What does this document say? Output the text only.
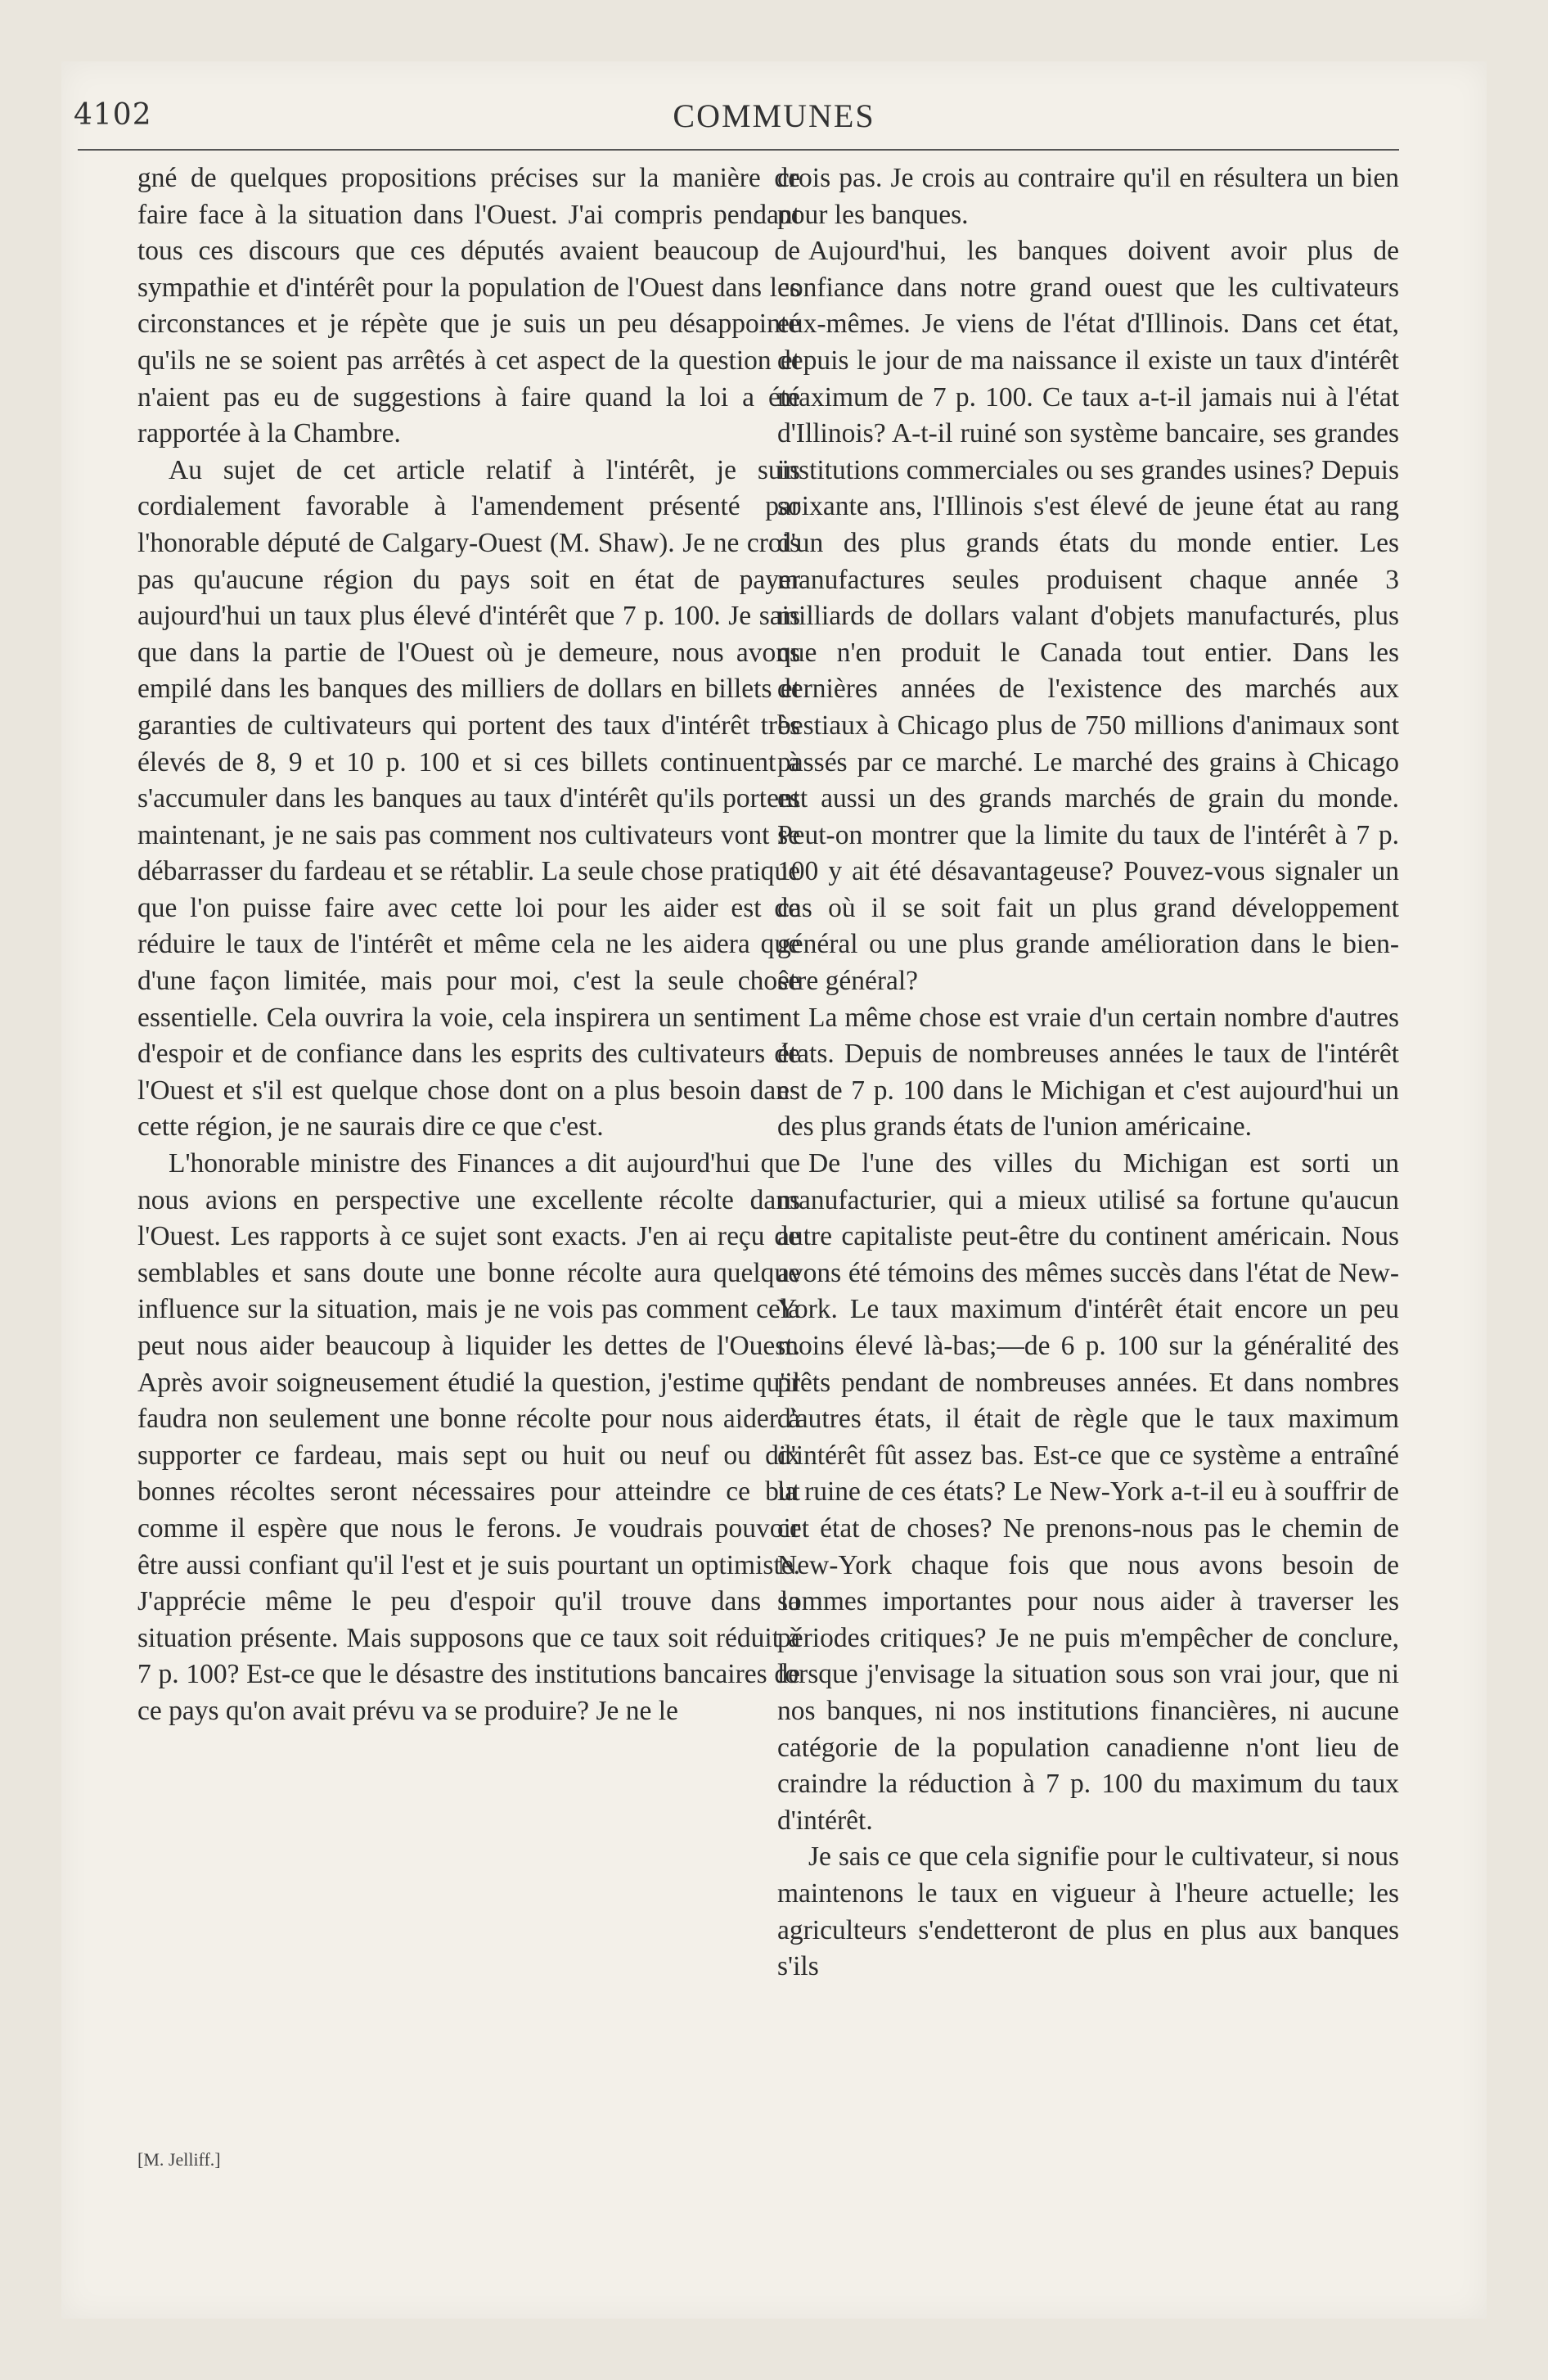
4102	COMMUNES

gné de quelques propositions précises sur la manière de faire face à la situation dans l'Ouest. J'ai compris pendant tous ces discours que ces députés avaient beaucoup de sympathie et d'intérêt pour la population de l'Ouest dans les circonstances et je répète que je suis un peu désappointé qu'ils ne se soient pas arrêtés à cet aspect de la question et n'aient pas eu de suggestions à faire quand la loi a été rapportée à la Chambre.

Au sujet de cet article relatif à l'intérêt, je suis cordialement favorable à l'amendement présenté par l'honorable député de Calgary-Ouest (M. Shaw). Je ne crois pas qu'aucune région du pays soit en état de payer aujourd'hui un taux plus élevé d'intérêt que 7 p. 100. Je sais que dans la partie de l'Ouest où je demeure, nous avons empilé dans les banques des milliers de dollars en billets et garanties de cultivateurs qui portent des taux d'intérêt très élevés de 8, 9 et 10 p. 100 et si ces billets continuent à s'accumuler dans les banques au taux d'intérêt qu'ils portent maintenant, je ne sais pas comment nos cultivateurs vont se débarrasser du fardeau et se rétablir. La seule chose pratique que l'on puisse faire avec cette loi pour les aider est de réduire le taux de l'intérêt et même cela ne les aidera que d'une façon limitée, mais pour moi, c'est la seule chose essentielle. Cela ouvrira la voie, cela inspirera un sentiment d'espoir et de confiance dans les esprits des cultivateurs de l'Ouest et s'il est quelque chose dont on a plus besoin dans cette région, je ne saurais dire ce que c'est.

L'honorable ministre des Finances a dit aujourd'hui que nous avions en perspective une excellente récolte dans l'Ouest. Les rapports à ce sujet sont exacts. J'en ai reçu de semblables et sans doute une bonne récolte aura quelque influence sur la situation, mais je ne vois pas comment cela peut nous aider beaucoup à liquider les dettes de l'Ouest. Après avoir soigneusement étudié la question, j'estime qu'il faudra non seulement une bonne récolte pour nous aider à supporter ce fardeau, mais sept ou huit ou neuf ou dix bonnes récoltes seront nécessaires pour atteindre ce but comme il espère que nous le ferons. Je voudrais pouvoir être aussi confiant qu'il l'est et je suis pourtant un optimiste. J'apprécie même le peu d'espoir qu'il trouve dans la situation présente. Mais supposons que ce taux soit réduit à 7 p. 100? Est-ce que le désastre des institutions bancaires de ce pays qu'on avait prévu va se produire? Je ne le

crois pas. Je crois au contraire qu'il en résultera un bien pour les banques.

Aujourd'hui, les banques doivent avoir plus de confiance dans notre grand ouest que les cultivateurs eux-mêmes. Je viens de l'état d'Illinois. Dans cet état, depuis le jour de ma naissance il existe un taux d'intérêt maximum de 7 p. 100. Ce taux a-t-il jamais nui à l'état d'Illinois? A-t-il ruiné son système bancaire, ses grandes institutions commerciales ou ses grandes usines? Depuis soixante ans, l'Illinois s'est élevé de jeune état au rang d'un des plus grands états du monde entier. Les manufactures seules produisent chaque année 3 milliards de dollars valant d'objets manufacturés, plus que n'en produit le Canada tout entier. Dans les dernières années de l'existence des marchés aux bestiaux à Chicago plus de 750 millions d'animaux sont passés par ce marché. Le marché des grains à Chicago est aussi un des grands marchés de grain du monde. Peut-on montrer que la limite du taux de l'intérêt à 7 p. 100 y ait été désavantageuse? Pouvez-vous signaler un cas où il se soit fait un plus grand développement général ou une plus grande amélioration dans le bien-être général?

La même chose est vraie d'un certain nombre d'autres états. Depuis de nombreuses années le taux de l'intérêt est de 7 p. 100 dans le Michigan et c'est aujourd'hui un des plus grands états de l'union américaine.

De l'une des villes du Michigan est sorti un manufacturier, qui a mieux utilisé sa fortune qu'aucun autre capitaliste peut-être du continent américain. Nous avons été témoins des mêmes succès dans l'état de New-York. Le taux maximum d'intérêt était encore un peu moins élevé là-bas;—de 6 p. 100 sur la généralité des prêts pendant de nombreuses années. Et dans nombres d'autres états, il était de règle que le taux maximum d'intérêt fût assez bas. Est-ce que ce système a entraîné la ruine de ces états? Le New-York a-t-il eu à souffrir de cet état de choses? Ne prenons-nous pas le chemin de New-York chaque fois que nous avons besoin de sommes importantes pour nous aider à traverser les périodes critiques? Je ne puis m'empêcher de conclure, lorsque j'envisage la situation sous son vrai jour, que ni nos banques, ni nos institutions financières, ni aucune catégorie de la population canadienne n'ont lieu de craindre la réduction à 7 p. 100 du maximum du taux d'intérêt.

Je sais ce que cela signifie pour le cultivateur, si nous maintenons le taux en vigueur à l'heure actuelle; les agriculteurs s'endetteront de plus en plus aux banques s'ils

[M. Jelliff.]
